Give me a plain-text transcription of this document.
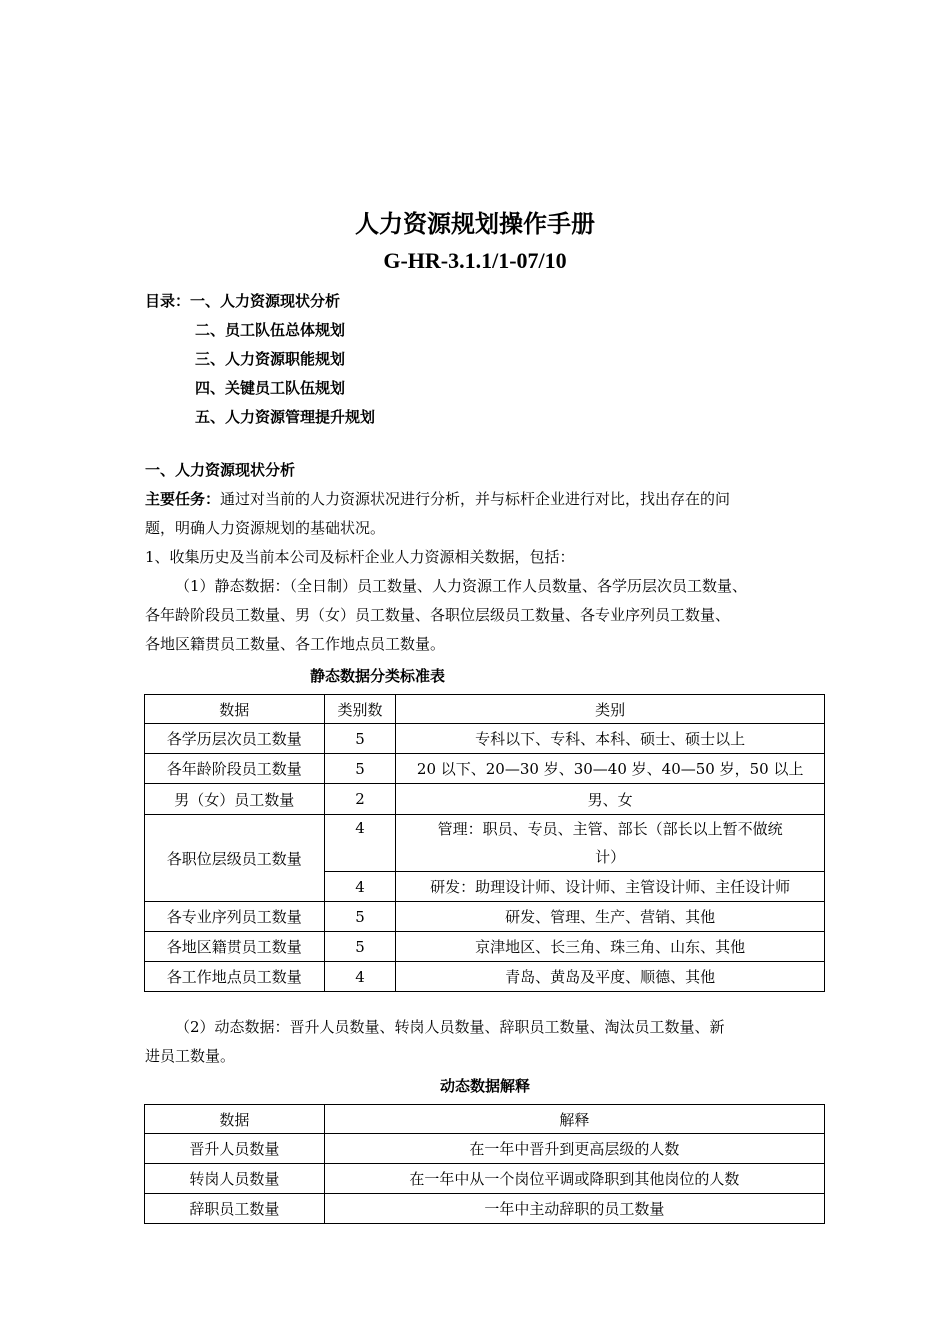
人力资源规划操作手册
G-HR-3.1.1/1-07/10
目录：一、人力资源现状分析
二、员工队伍总体规划
三、人力资源职能规划
四、关键员工队伍规划
五、人力资源管理提升规划

一、人力资源现状分析

主要任务：通过对当前的人力资源状况进行分析，并与标杆企业进行对比，找出存在的问

题，明确人力资源规划的基础状况。

1、收集历史及当前本公司及标杆企业人力资源相关数据，包括：

（1）静态数据：（全日制）员工数量、人力资源工作人员数量、各学历层次员工数量、

各年龄阶段员工数量、男（女）员工数量、各职位层级员工数量、各专业序列员工数量、

各地区籍贯员工数量、各工作地点员工数量。

静态数据分类标准表
数据	类别数	类别
各学历层次员工数量	5	专科以下、专科、本科、硕士、硕士以上
各年龄阶段员工数量	5	20 以下、20—30 岁、30—40 岁、40—50 岁，50 以上
男（女）员工数量	2	男、女
各职位层级员工数量	4	管理：职员、专员、主管、部长（部长以上暂不做统
计）
	4	研发：助理设计师、设计师、主管设计师、主任设计师
各专业序列员工数量	5	研发、管理、生产、营销、其他
各地区籍贯员工数量	5	京津地区、长三角、珠三角、山东、其他
各工作地点员工数量	4	青岛、黄岛及平度、顺德、其他

（2）动态数据：晋升人员数量、转岗人员数量、辞职员工数量、淘汰员工数量、新

进员工数量。

动态数据解释
数据	解释
晋升人员数量	在一年中晋升到更高层级的人数
转岗人员数量	在一年中从一个岗位平调或降职到其他岗位的人数
辞职员工数量	一年中主动辞职的员工数量
